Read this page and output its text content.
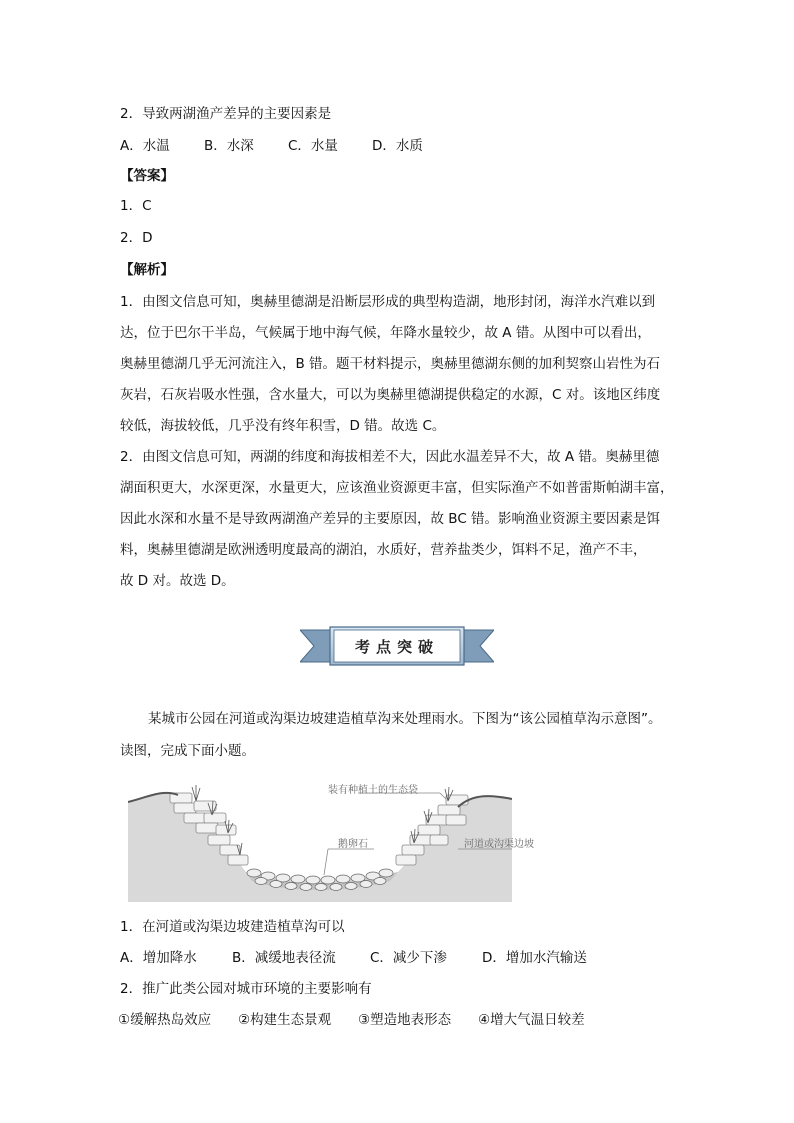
2．导致两湖渔产差异的主要因素是
A．水温	B．水深	C．水量	D．水质
【答案】
1．C
2．D
【解析】
1．由图文信息可知，奥赫里德湖是沿断层形成的典型构造湖，地形封闭，海洋水汽难以到
达，位于巴尔干半岛，气候属于地中海气候，年降水量较少，故 A 错。从图中可以看出，
奥赫里德湖几乎无河流注入，B 错。题干材料提示，奥赫里德湖东侧的加利契察山岩性为石
灰岩，石灰岩吸水性强，含水量大，可以为奥赫里德湖提供稳定的水源，C 对。该地区纬度
较低，海拔较低，几乎没有终年积雪，D 错。故选 C。
2．由图文信息可知，两湖的纬度和海拔相差不大，因此水温差异不大，故 A 错。奥赫里德
湖面积更大，水深更深，水量更大，应该渔业资源更丰富，但实际渔产不如普雷斯帕湖丰富，
因此水深和水量不是导致两湖渔产差异的主要原因，故 BC 错。影响渔业资源主要因素是饵
料，奥赫里德湖是欧洲透明度最高的湖泊，水质好，营养盐类少，饵料不足，渔产不丰，
故 D 对。故选 D。
考点突破
某城市公园在河道或沟渠边坡建造植草沟来处理雨水。下图为“该公园植草沟示意图”。
读图，完成下面小题。
装有种植土的生态袋
鹅卵石	河道或沟渠边坡
1．在河道或沟渠边坡建造植草沟可以
A．增加降水	B．减缓地表径流	C．减少下渗	D．增加水汽输送
2．推广此类公园对城市环境的主要影响有
①缓解热岛效应 ②构建生态景观 ③塑造地表形态 ④增大气温日较差
